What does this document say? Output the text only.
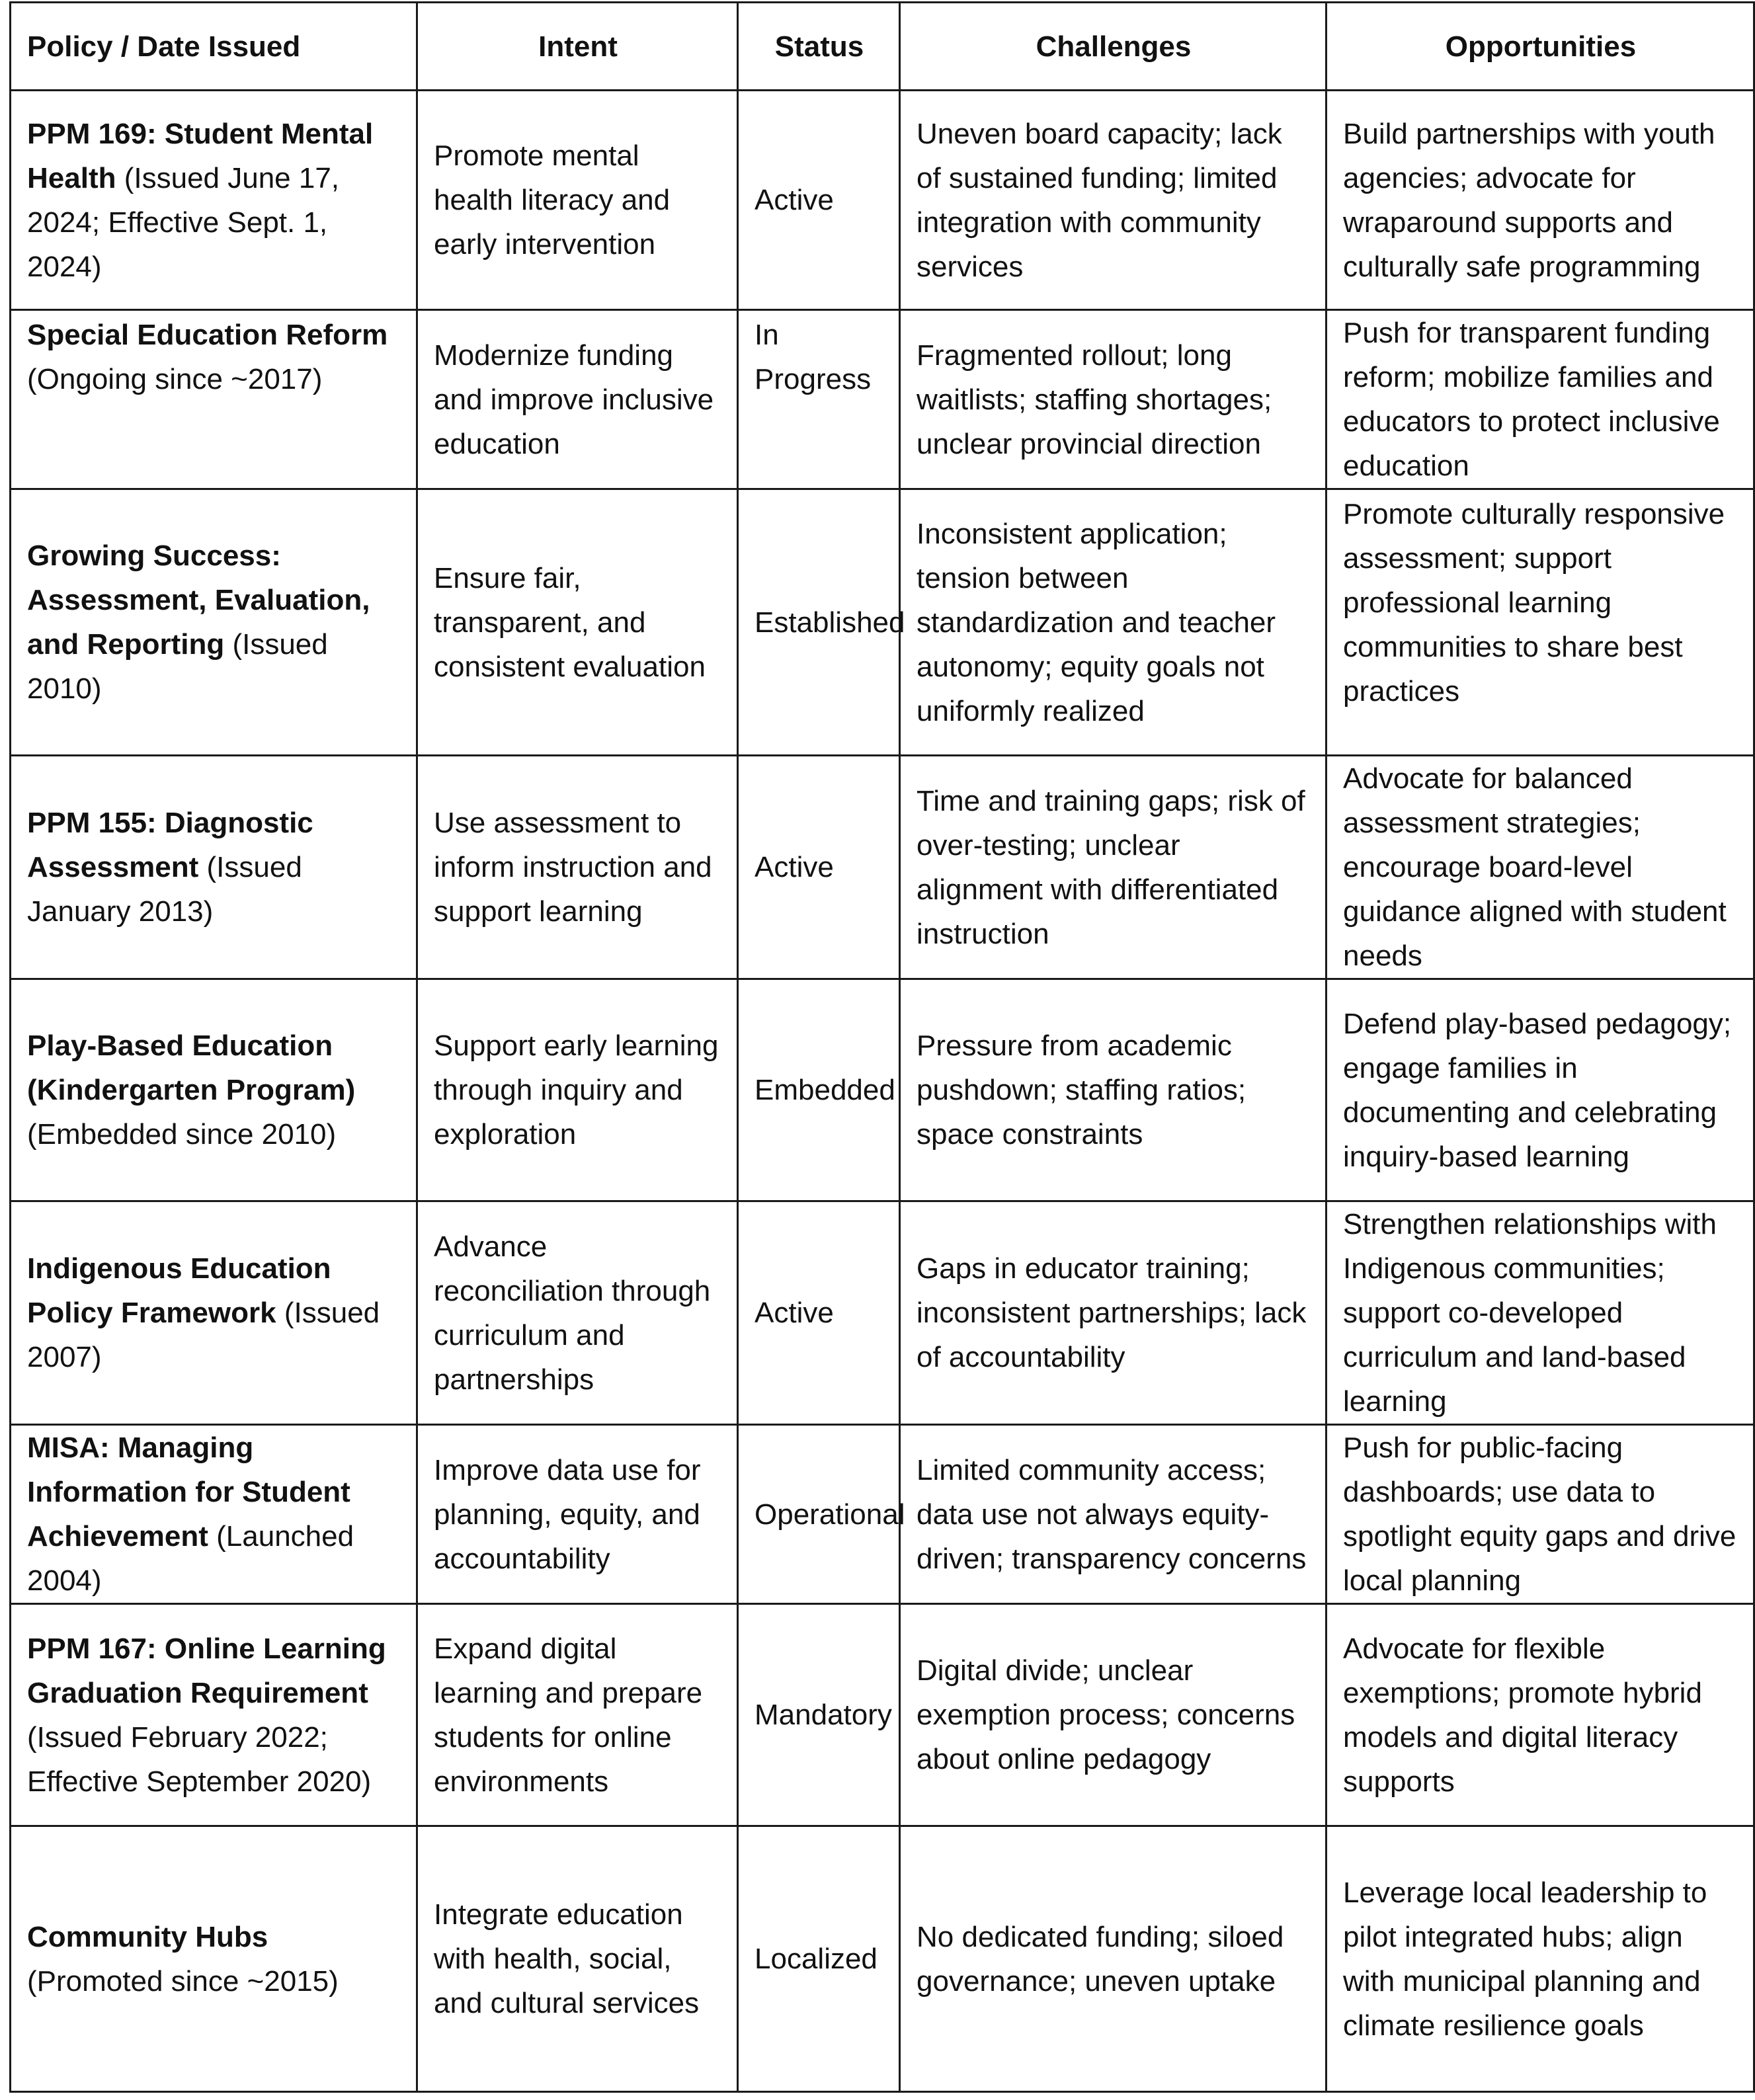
Policy / Date Issued	Intent	Status	Challenges	Opportunities
PPM 169: Student Mental Health (Issued June 17, 2024; Effective Sept. 1, 2024)	Promote mental health literacy and early intervention	Active	Uneven board capacity; lack of sustained funding; limited integration with community services	Build partnerships with youth agencies; advocate for wraparound supports and culturally safe programming
Special Education Reform (Ongoing since ~2017)	Modernize funding and improve inclusive education	In Progress	Fragmented rollout; long waitlists; staffing shortages; unclear provincial direction	Push for transparent funding reform; mobilize families and educators to protect inclusive education
Growing Success: Assessment, Evaluation, and Reporting (Issued 2010)	Ensure fair, transparent, and consistent evaluation	Established	Inconsistent application; tension between standardization and teacher autonomy; equity goals not uniformly realized	Promote culturally responsive assessment; support professional learning communities to share best practices
PPM 155: Diagnostic Assessment (Issued January 2013)	Use assessment to inform instruction and support learning	Active	Time and training gaps; risk of over-testing; unclear alignment with differentiated instruction	Advocate for balanced assessment strategies; encourage board-level guidance aligned with student needs
Play-Based Education (Kindergarten Program) (Embedded since 2010)	Support early learning through inquiry and exploration	Embedded	Pressure from academic pushdown; staffing ratios; space constraints	Defend play-based pedagogy; engage families in documenting and celebrating inquiry-based learning
Indigenous Education Policy Framework (Issued 2007)	Advance reconciliation through curriculum and partnerships	Active	Gaps in educator training; inconsistent partnerships; lack of accountability	Strengthen relationships with Indigenous communities; support co-developed curriculum and land-based learning
MISA: Managing Information for Student Achievement (Launched 2004)	Improve data use for planning, equity, and accountability	Operational	Limited community access; data use not always equity-driven; transparency concerns	Push for public-facing dashboards; use data to spotlight equity gaps and drive local planning
PPM 167: Online Learning Graduation Requirement (Issued February 2022; Effective September 2020)	Expand digital learning and prepare students for online environments	Mandatory	Digital divide; unclear exemption process; concerns about online pedagogy	Advocate for flexible exemptions; promote hybrid models and digital literacy supports
Community Hubs (Promoted since ~2015)	Integrate education with health, social, and cultural services	Localized	No dedicated funding; siloed governance; uneven uptake	Leverage local leadership to pilot integrated hubs; align with municipal planning and climate resilience goals
